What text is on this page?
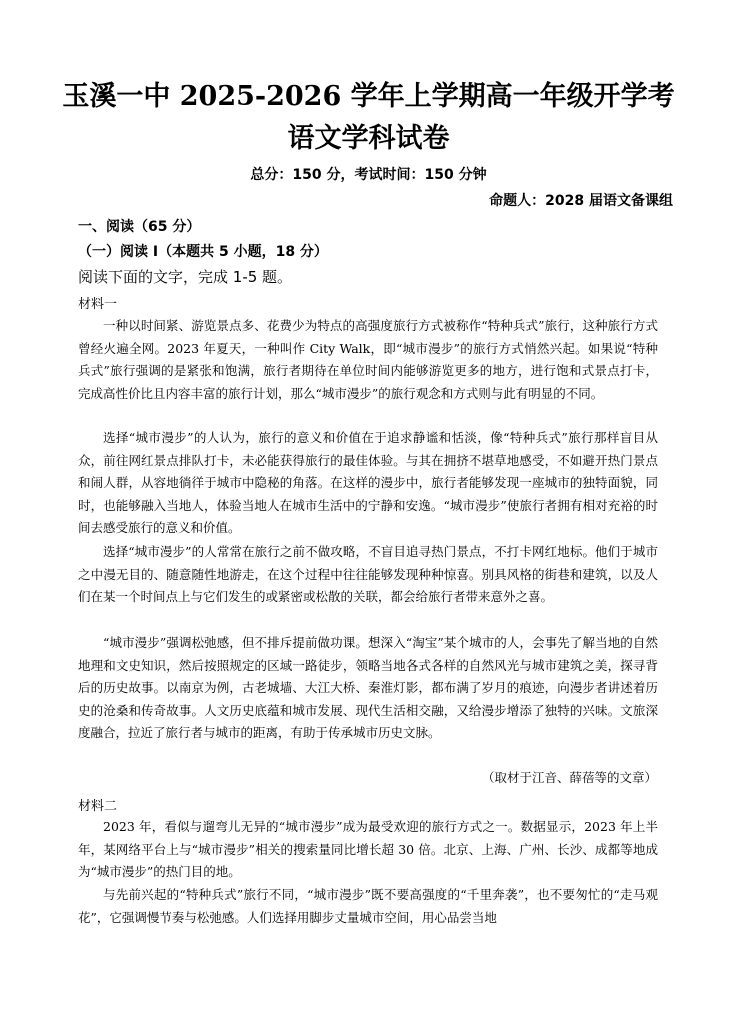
玉溪一中 2025-2026 学年上学期高一年级开学考
语文学科试卷
总分：150 分，考试时间：150 分钟
命题人：2028 届语文备课组
一、阅读（65 分）
（一）阅读 I（本题共 5 小题，18 分）
阅读下面的文字，完成 1-5 题。
材料一

一种以时间紧、游览景点多、花费少为特点的高强度旅行方式被称作“特种兵式”旅行，这种旅行方式曾经火遍全网。2023 年夏天，一种叫作 City Walk，即“城市漫步”的旅行方式悄然兴起。如果说“特种兵式”旅行强调的是紧张和饱满，旅行者期待在单位时间内能够游览更多的地方，进行饱和式景点打卡，完成高性价比且内容丰富的旅行计划，那么“城市漫步”的旅行观念和方式则与此有明显的不同。

选择“城市漫步”的人认为，旅行的意义和价值在于追求静谧和恬淡，像“特种兵式”旅行那样盲目从众，前往网红景点排队打卡，未必能获得旅行的最佳体验。与其在拥挤不堪草地感受，不如避开热门景点和闹人群，从容地徜徉于城市中隐秘的角落。在这样的漫步中，旅行者能够发现一座城市的独特面貌，同时，也能够融入当地人，体验当地人在城市生活中的宁静和安逸。“城市漫步”使旅行者拥有相对充裕的时间去感受旅行的意义和价值。

选择“城市漫步”的人常常在旅行之前不做攻略，不盲目追寻热门景点，不打卡网红地标。他们于城市之中漫无目的、随意随性地游走，在这个过程中往往能够发现种种惊喜。别具风格的街巷和建筑，以及人们在某一个时间点上与它们发生的或紧密或松散的关联，都会给旅行者带来意外之喜。

“城市漫步”强调松弛感，但不排斥提前做功课。想深入“淘宝”某个城市的人，会事先了解当地的自然地理和文史知识，然后按照规定的区域一路徒步，领略当地各式各样的自然风光与城市建筑之美，探寻背后的历史故事。以南京为例，古老城墙、大江大桥、秦淮灯影，都布满了岁月的痕迹，向漫步者讲述着历史的沧桑和传奇故事。人文历史底蕴和城市发展、现代生活相交融，又给漫步增添了独特的兴味。文旅深度融合，拉近了旅行者与城市的距离，有助于传承城市历史文脉。

（取材于江音、薛蓓等的文章）
材料二

2023 年，看似与遛弯儿无异的“城市漫步”成为最受欢迎的旅行方式之一。数据显示，2023 年上半年，某网络平台上与“城市漫步”相关的搜索量同比增长超 30 倍。北京、上海、广州、长沙、成都等地成为“城市漫步”的热门目的地。

与先前兴起的“特种兵式”旅行不同，“城市漫步”既不要高强度的“千里奔袭”，也不要匆忙的“走马观花”，它强调慢节奏与松弛感。人们选择用脚步丈量城市空间，用心品尝当地
